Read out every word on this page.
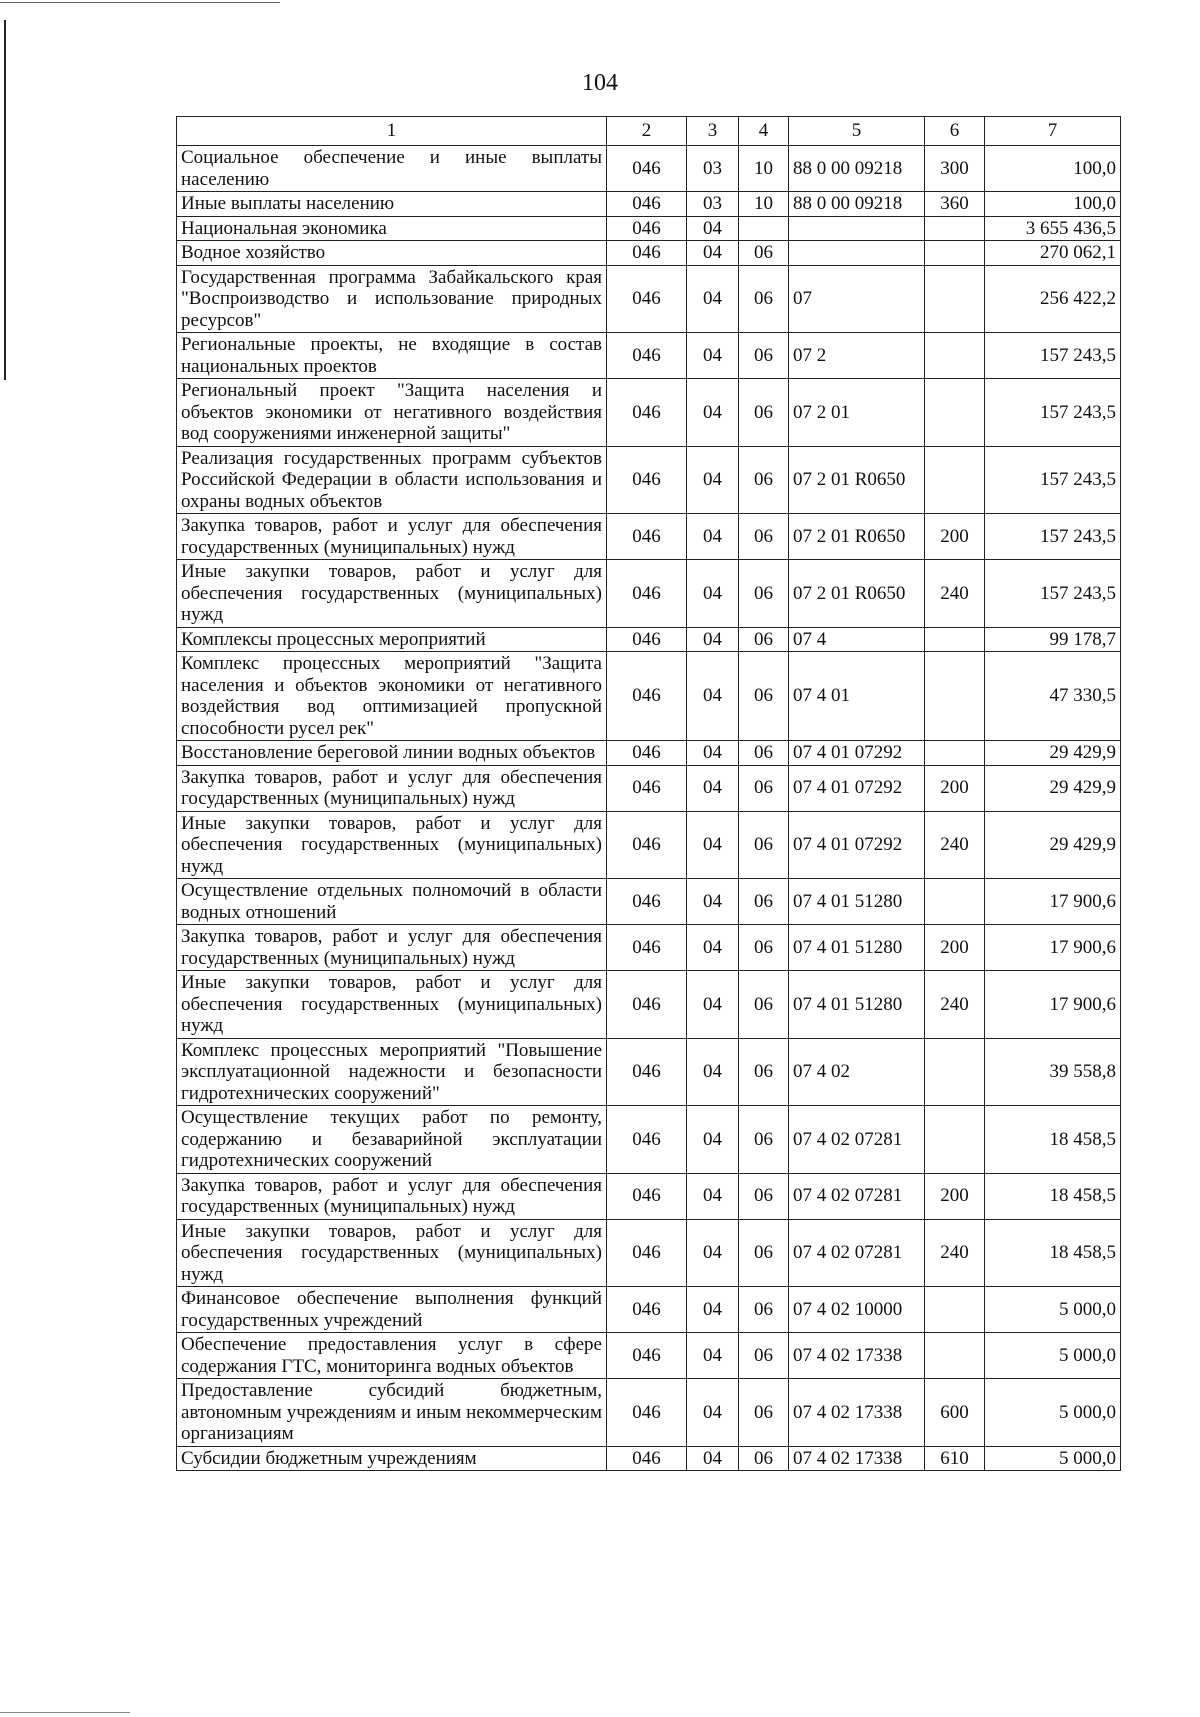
104
1	2	3	4	5	6	7
Социальное обеспечение и иные выплаты населению	046	03	10	88 0 00 09218	300	100,0
Иные выплаты населению	046	03	10	88 0 00 09218	360	100,0
Национальная экономика	046	04				3 655 436,5
Водное хозяйство	046	04	06			270 062,1
Государственная программа Забайкальского края "Воспроизводство и использование природных ресурсов"	046	04	06	07		256 422,2
Региональные проекты, не входящие в состав национальных проектов	046	04	06	07 2		157 243,5
Региональный проект "Защита населения и объектов экономики от негативного воздействия вод сооружениями инженерной защиты"	046	04	06	07 2 01		157 243,5
Реализация государственных программ субъектов Российской Федерации в области использования и охраны водных объектов	046	04	06	07 2 01 R0650		157 243,5
Закупка товаров, работ и услуг для обеспечения государственных (муниципальных) нужд	046	04	06	07 2 01 R0650	200	157 243,5
Иные закупки товаров, работ и услуг для обеспечения государственных (муниципальных) нужд	046	04	06	07 2 01 R0650	240	157 243,5
Комплексы процессных мероприятий	046	04	06	07 4		99 178,7
Комплекс процессных мероприятий "Защита населения и объектов экономики от негативного воздействия вод оптимизацией пропускной способности русел рек"	046	04	06	07 4 01		47 330,5
Восстановление береговой линии водных объектов	046	04	06	07 4 01 07292		29 429,9
Закупка товаров, работ и услуг для обеспечения государственных (муниципальных) нужд	046	04	06	07 4 01 07292	200	29 429,9
Иные закупки товаров, работ и услуг для обеспечения государственных (муниципальных) нужд	046	04	06	07 4 01 07292	240	29 429,9
Осуществление отдельных полномочий в области водных отношений	046	04	06	07 4 01 51280		17 900,6
Закупка товаров, работ и услуг для обеспечения государственных (муниципальных) нужд	046	04	06	07 4 01 51280	200	17 900,6
Иные закупки товаров, работ и услуг для обеспечения государственных (муниципальных) нужд	046	04	06	07 4 01 51280	240	17 900,6
Комплекс процессных мероприятий "Повышение эксплуатационной надежности и безопасности гидротехнических сооружений"	046	04	06	07 4 02		39 558,8
Осуществление текущих работ по ремонту, содержанию и безаварийной эксплуатации гидротехнических сооружений	046	04	06	07 4 02 07281		18 458,5
Закупка товаров, работ и услуг для обеспечения государственных (муниципальных) нужд	046	04	06	07 4 02 07281	200	18 458,5
Иные закупки товаров, работ и услуг для обеспечения государственных (муниципальных) нужд	046	04	06	07 4 02 07281	240	18 458,5
Финансовое обеспечение выполнения функций государственных учреждений	046	04	06	07 4 02 10000		5 000,0
Обеспечение предоставления услуг в сфере содержания ГТС, мониторинга водных объектов	046	04	06	07 4 02 17338		5 000,0
Предоставление субсидий бюджетным, автономным учреждениям и иным некоммерческим организациям	046	04	06	07 4 02 17338	600	5 000,0
Субсидии бюджетным учреждениям	046	04	06	07 4 02 17338	610	5 000,0
